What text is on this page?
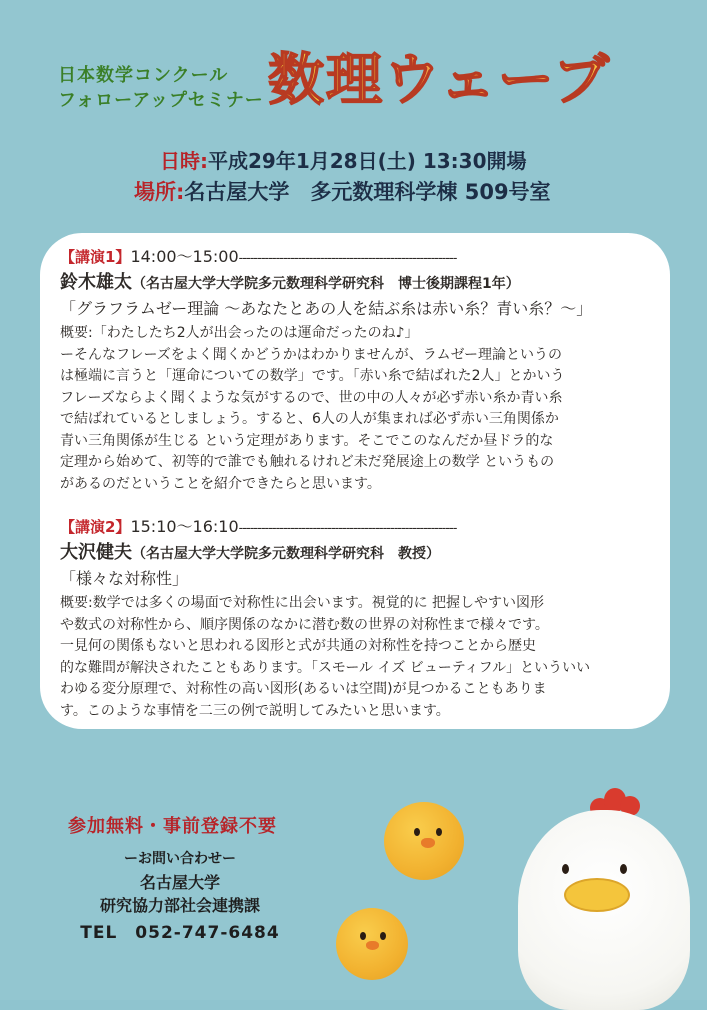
日本数学コンクール
フォローアップセミナー 数理ウェーブ
日時:平成29年1月28日(土) 13:30開場
場所:名古屋大学　多元数理科学棟 509号室
【講演1】14:00～15:00-----------------------------------------------------------
鈴木雄太（名古屋大学大学院多元数理科学研究科　博士後期課程1年）
「グラフラムゼー理論 ～あなたとあの人を結ぶ糸は赤い糸？青い糸？～」
概要:「わたしたち2人が出会ったのは運命だったのね♪」
ーそんなフレーズをよく聞くかどうかはわかりませんが、ラムゼー理論というの
は極端に言うと「運命についての数学」です。「赤い糸で結ばれた2人」とかいう
フレーズならよく聞くような気がするので、世の中の人々が必ず赤い糸か青い糸
で結ばれているとしましょう。すると、6人の人が集まれば必ず赤い三角関係か
青い三角関係が生じる という定理があります。そこでこのなんだか昼ドラ的な
定理から始めて、初等的で誰でも触れるけれど未だ発展途上の数学 というもの
があるのだということを紹介できたらと思います。
【講演2】15:10～16:10-----------------------------------------------------------
大沢健夫（名古屋大学大学院多元数理科学研究科　教授）
「様々な対称性」
概要:数学では多くの場面で対称性に出会います。視覚的に 把握しやすい図形
や数式の対称性から、順序関係のなかに潜む数の世界の対称性まで様々です。
一見何の関係もないと思われる図形と式が共通の対称性を持つことから歴史
的な難問が解決されたこともあります。「スモール イズ ビューティフル」といういい
わゆる変分原理で、対称性の高い図形(あるいは空間)が見つかることもありま
す。このような事情を二三の例で説明してみたいと思います。
参加無料・事前登録不要
ーお問い合わせー
名古屋大学
研究協力部社会連携課
TEL　052-747-6484
